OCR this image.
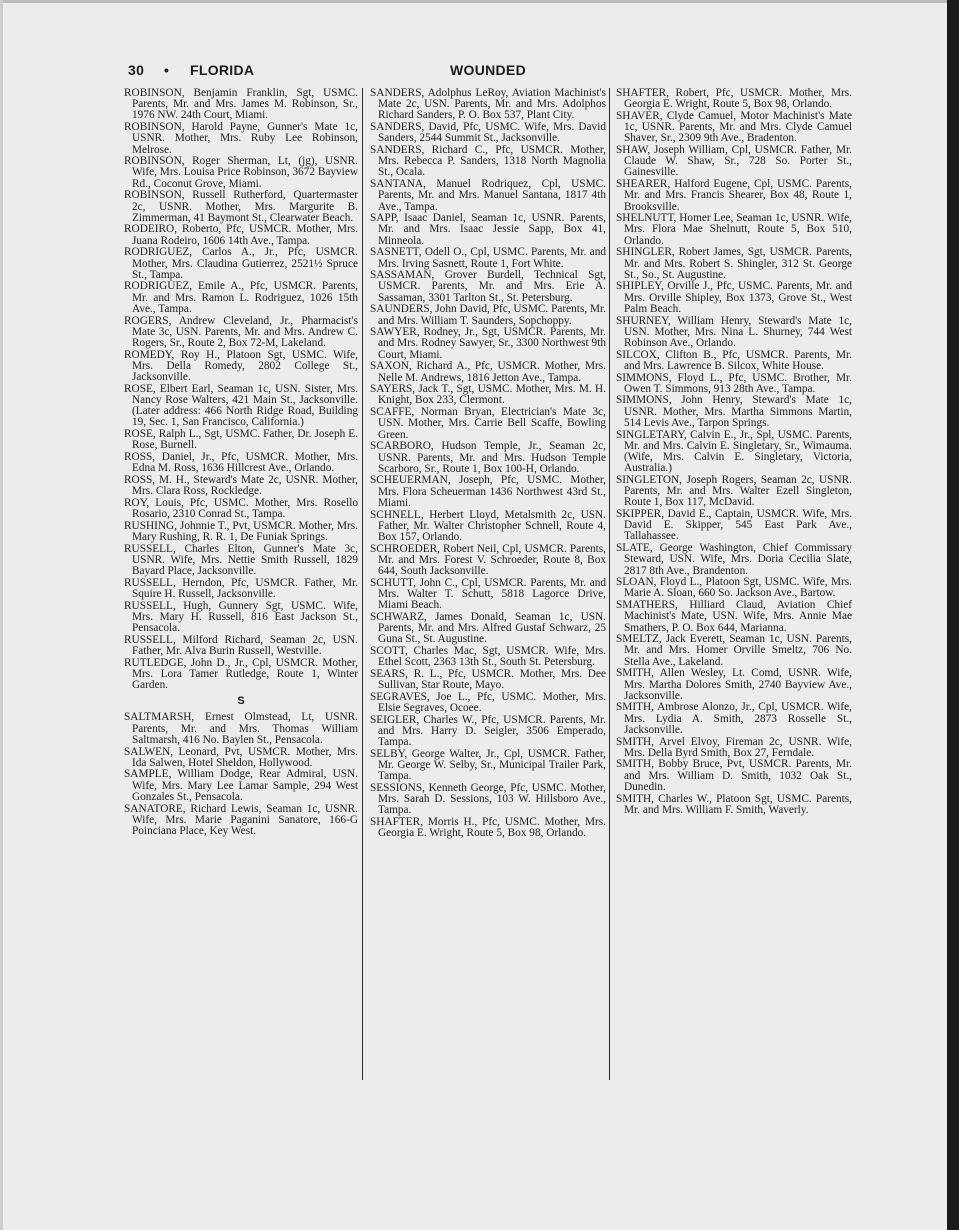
30 • FLORIDA	WOUNDED

ROBINSON, Benjamin Franklin, Sgt, USMC. Parents, Mr. and Mrs. James M. Robinson, Sr., 1976 NW. 24th Court, Miami.

ROBINSON, Harold Payne, Gunner's Mate 1c, USNR. Mother, Mrs. Ruby Lee Robinson, Melrose.

ROBINSON, Roger Sherman, Lt, (jg), USNR. Wife, Mrs. Louisa Price Robinson, 3672 Bayview Rd., Coconut Grove, Miami.

ROBINSON, Russell Rutherford, Quartermaster 2c, USNR. Mother, Mrs. Margurite B. Zimmerman, 41 Baymont St., Clearwater Beach.

RODEIRO, Roberto, Pfc, USMCR. Mother, Mrs. Juana Rodeiro, 1606 14th Ave., Tampa.

RODRIGUEZ, Carlos A., Jr., Pfc, USMCR. Mother, Mrs. Claudina Gutierrez, 2521½ Spruce St., Tampa.

RODRIGUEZ, Emile A., Pfc, USMCR. Parents, Mr. and Mrs. Ramon L. Rodriguez, 1026 15th Ave., Tampa.

ROGERS, Andrew Cleveland, Jr., Pharmacist's Mate 3c, USN. Parents, Mr. and Mrs. Andrew C. Rogers, Sr., Route 2, Box 72-M, Lakeland.

ROMEDY, Roy H., Platoon Sgt, USMC. Wife, Mrs. Della Romedy, 2802 College St., Jacksonville.

ROSE, Elbert Earl, Seaman 1c, USN. Sister, Mrs. Nancy Rose Walters, 421 Main St., Jacksonville. (Later address: 466 North Ridge Road, Building 19, Sec. 1, San Francisco, California.)

ROSE, Ralph L., Sgt, USMC. Father, Dr. Joseph E. Rose, Burnell.

ROSS, Daniel, Jr., Pfc, USMCR. Mother, Mrs. Edna M. Ross, 1636 Hillcrest Ave., Orlando.

ROSS, M. H., Steward's Mate 2c, USNR. Mother, Mrs. Clara Ross, Rockledge.

ROY, Louis, Pfc, USMC. Mother, Mrs. Rosello Rosario, 2310 Conrad St., Tampa.

RUSHING, Johnnie T., Pvt, USMCR. Mother, Mrs. Mary Rushing, R. R. 1, De Funiak Springs.

RUSSELL, Charles Elton, Gunner's Mate 3c, USNR. Wife, Mrs. Nettie Smith Russell, 1829 Bayard Place, Jacksonville.

RUSSELL, Herndon, Pfc, USMCR. Father, Mr. Squire H. Russell, Jacksonville.

RUSSELL, Hugh, Gunnery Sgt, USMC. Wife, Mrs. Mary H. Russell, 816 East Jackson St., Pensacola.

RUSSELL, Milford Richard, Seaman 2c, USN. Father, Mr. Alva Burin Russell, Westville.

RUTLEDGE, John D., Jr., Cpl, USMCR. Mother, Mrs. Lora Tamer Rutledge, Route 1, Winter Garden.

S

SALTMARSH, Ernest Olmstead, Lt, USNR. Parents, Mr. and Mrs. Thomas William Saltmarsh, 416 No. Baylen St., Pensacola.

SALWEN, Leonard, Pvt, USMCR. Mother, Mrs. Ida Salwen, Hotel Sheldon, Hollywood.

SAMPLE, William Dodge, Rear Admiral, USN. Wife, Mrs. Mary Lee Lamar Sample, 294 West Gonzales St., Pensacola.

SANATORE, Richard Lewis, Seaman 1c, USNR. Wife, Mrs. Marie Paganini Sanatore, 166-G Poinciana Place, Key West.

SANDERS, Adolphus LeRoy, Aviation Machinist's Mate 2c, USN. Parents, Mr. and Mrs. Adolphos Richard Sanders, P. O. Box 537, Plant City.

SANDERS, David, Pfc, USMC. Wife, Mrs. David Sanders, 2544 Summit St., Jacksonville.

SANDERS, Richard C., Pfc, USMCR. Mother, Mrs. Rebecca P. Sanders, 1318 North Magnolia St., Ocala.

SANTANA, Manuel Rodriquez, Cpl, USMC. Parents, Mr. and Mrs. Manuel Santana, 1817 4th Ave., Tampa.

SAPP, Isaac Daniel, Seaman 1c, USNR. Parents, Mr. and Mrs. Isaac Jessie Sapp, Box 41, Minneola.

SASNETT, Odell O., Cpl, USMC. Parents, Mr. and Mrs. Irving Sasnett, Route 1, Fort White.

SASSAMAN, Grover Burdell, Technical Sgt, USMCR. Parents, Mr. and Mrs. Erie A. Sassaman, 3301 Tarlton St., St. Petersburg.

SAUNDERS, John David, Pfc, USMC. Parents, Mr. and Mrs. William T. Saunders, Sopchoppy.

SAWYER, Rodney, Jr., Sgt, USMCR. Parents, Mr. and Mrs. Rodney Sawyer, Sr., 3300 Northwest 9th Court, Miami.

SAXON, Richard A., Pfc, USMCR. Mother, Mrs. Nelle M. Andrews, 1816 Jetton Ave., Tampa.

SAYERS, Jack T., Sgt, USMC. Mother, Mrs. M. H. Knight, Box 233, Clermont.

SCAFFE, Norman Bryan, Electrician's Mate 3c, USN. Mother, Mrs. Carrie Bell Scaffe, Bowling Green.

SCARBORO, Hudson Temple, Jr., Seaman 2c, USNR. Parents, Mr. and Mrs. Hudson Temple Scarboro, Sr., Route 1, Box 100-H, Orlando.

SCHEUERMAN, Joseph, Pfc, USMC. Mother, Mrs. Flora Scheuerman 1436 Northwest 43rd St., Miami.

SCHNELL, Herbert Lloyd, Metalsmith 2c, USN. Father, Mr. Walter Christopher Schnell, Route 4, Box 157, Orlando.

SCHROEDER, Robert Neil, Cpl, USMCR. Parents, Mr. and Mrs. Forest V. Schroeder, Route 8, Box 644, South Jacksonville.

SCHUTT, John C., Cpl, USMCR. Parents, Mr. and Mrs. Walter T. Schutt, 5818 Lagorce Drive, Miami Beach.

SCHWARZ, James Donald, Seaman 1c, USN. Parents, Mr. and Mrs. Alfred Gustaf Schwarz, 25 Guna St., St. Augustine.

SCOTT, Charles Mac, Sgt, USMCR. Wife, Mrs. Ethel Scott, 2363 13th St., South St. Petersburg.

SEARS, R. L., Pfc, USMCR. Mother, Mrs. Dee Sullivan, Star Route, Mayo.

SEGRAVES, Joe L., Pfc, USMC. Mother, Mrs. Elsie Segraves, Ocoee.

SEIGLER, Charles W., Pfc, USMCR. Parents, Mr. and Mrs. Harry D. Seigler, 3506 Emperado, Tampa.

SELBY, George Walter, Jr., Cpl, USMCR. Father, Mr. George W. Selby, Sr., Municipal Trailer Park, Tampa.

SESSIONS, Kenneth George, Pfc, USMC. Mother, Mrs. Sarah D. Sessions, 103 W. Hillsboro Ave., Tampa.

SHAFTER, Morris H., Pfc, USMC. Mother, Mrs. Georgia E. Wright, Route 5, Box 98, Orlando.

SHAFTER, Robert, Pfc, USMCR. Mother, Mrs. Georgia E. Wright, Route 5, Box 98, Orlando.

SHAVER, Clyde Camuel, Motor Machinist's Mate 1c, USNR. Parents, Mr. and Mrs. Clyde Camuel Shaver, Sr., 2309 9th Ave., Bradenton.

SHAW, Joseph William, Cpl, USMCR. Father, Mr. Claude W. Shaw, Sr., 728 So. Porter St., Gainesville.

SHEARER, Halford Eugene, Cpl, USMC. Parents, Mr. and Mrs. Francis Shearer, Box 48, Route 1, Brooksville.

SHELNUTT, Homer Lee, Seaman 1c, USNR. Wife, Mrs. Flora Mae Shelnutt, Route 5, Box 510, Orlando.

SHINGLER, Robert James, Sgt, USMCR. Parents, Mr. and Mrs. Robert S. Shingler, 312 St. George St., So., St. Augustine.

SHIPLEY, Orville J., Pfc, USMC. Parents, Mr. and Mrs. Orville Shipley, Box 1373, Grove St., West Palm Beach.

SHURNEY, William Henry, Steward's Mate 1c, USN. Mother, Mrs. Nina L. Shurney, 744 West Robinson Ave., Orlando.

SILCOX, Clifton B., Pfc, USMCR. Parents, Mr. and Mrs. Lawrence B. Silcox, White House.

SIMMONS, Floyd L., Pfc, USMC. Brother, Mr. Owen T. Simmons, 913 28th Ave., Tampa.

SIMMONS, John Henry, Steward's Mate 1c, USNR. Mother, Mrs. Martha Simmons Martin, 514 Levis Ave., Tarpon Springs.

SINGLETARY, Calvin E., Jr., Spl, USMC. Parents, Mr. and Mrs. Calvin E. Singletary, Sr., Wimauma. (Wife, Mrs. Calvin E. Singletary, Victoria, Australia.)

SINGLETON, Joseph Rogers, Seaman 2c, USNR. Parents, Mr. and Mrs. Walter Ezell Singleton, Route 1, Box 117, McDavid.

SKIPPER, David E., Captain, USMCR. Wife, Mrs. David E. Skipper, 545 East Park Ave., Tallahassee.

SLATE, George Washington, Chief Commissary Steward, USN. Wife, Mrs. Doria Cecilia Slate, 2817 8th Ave., Brandenton.

SLOAN, Floyd L., Platoon Sgt, USMC. Wife, Mrs. Marie A. Sloan, 660 So. Jackson Ave., Bartow.

SMATHERS, Hilliard Claud, Aviation Chief Machinist's Mate, USN. Wife, Mrs. Annie Mae Smathers, P. O. Box 644, Marianna.

SMELTZ, Jack Everett, Seaman 1c, USN. Parents, Mr. and Mrs. Homer Orville Smeltz, 706 No. Stella Ave., Lakeland.

SMITH, Allen Wesley, Lt. Comd, USNR. Wife, Mrs. Martha Dolores Smith, 2740 Bayview Ave., Jacksonville.

SMITH, Ambrose Alonzo, Jr., Cpl, USMCR. Wife, Mrs. Lydia A. Smith, 2873 Rosselle St., Jacksonville.

SMITH, Arvel Elvoy, Fireman 2c, USNR. Wife, Mrs. Della Byrd Smith, Box 27, Ferndale.

SMITH, Bobby Bruce, Pvt, USMCR. Parents, Mr. and Mrs. William D. Smith, 1032 Oak St., Dunedin.

SMITH, Charles W., Platoon Sgt, USMC. Parents, Mr. and Mrs. William F. Smith, Waverly.
